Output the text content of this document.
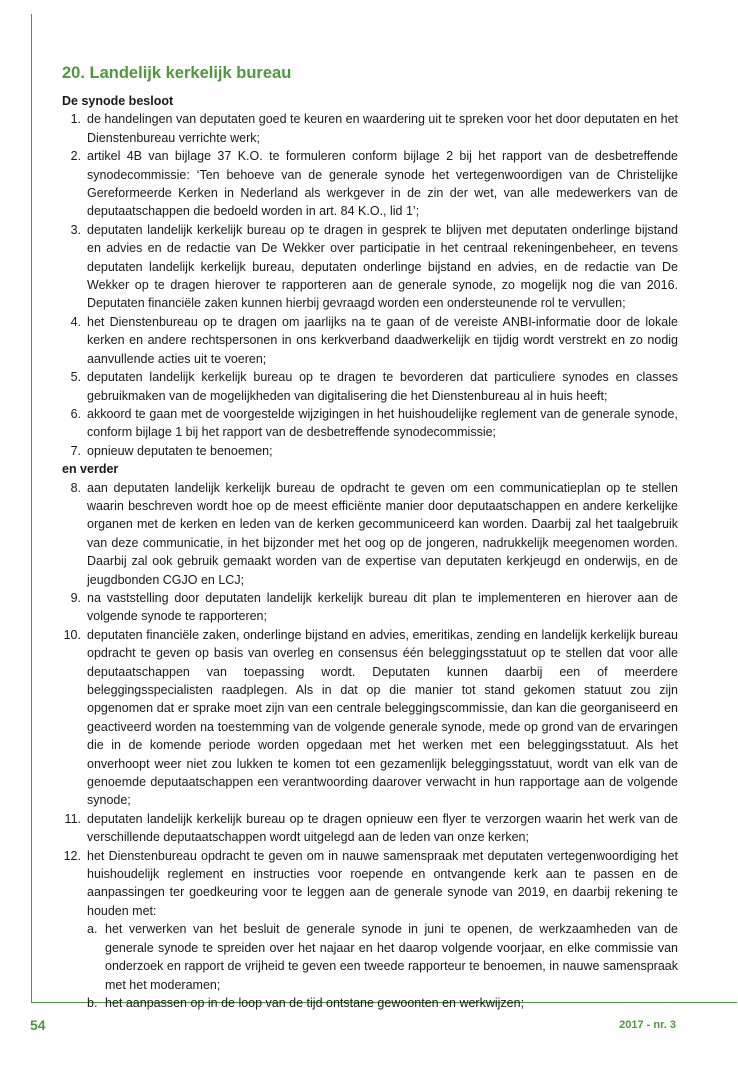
20. Landelijk kerkelijk bureau
De synode besloot
1. de handelingen van deputaten goed te keuren en waardering uit te spreken voor het door deputaten en het Dienstenbureau verrichte werk;
2. artikel 4B van bijlage 37 K.O. te formuleren conform bijlage 2 bij het rapport van de desbetreffende synodecommissie: ‘Ten behoeve van de generale synode het vertegenwoordigen van de Christelijke Gereformeerde Kerken in Nederland als werkgever in de zin der wet, van alle medewerkers van de deputaatschappen die bedoeld worden in art. 84 K.O., lid 1’;
3. deputaten landelijk kerkelijk bureau op te dragen in gesprek te blijven met deputaten onderlinge bijstand en advies en de redactie van De Wekker over participatie in het centraal rekeningenbeheer, en tevens deputaten landelijk kerkelijk bureau, deputaten onderlinge bijstand en advies, en de redactie van De Wekker op te dragen hierover te rapporteren aan de generale synode, zo mogelijk nog die van 2016. Deputaten financiële zaken kunnen hierbij gevraagd worden een ondersteunende rol te vervullen;
4. het Dienstenbureau op te dragen om jaarlijks na te gaan of de vereiste ANBI-informatie door de lokale kerken en andere rechtspersonen in ons kerkverband daadwerkelijk en tijdig wordt verstrekt en zo nodig aanvullende acties uit te voeren;
5. deputaten landelijk kerkelijk bureau op te dragen te bevorderen dat particuliere synodes en classes gebruikmaken van de mogelijkheden van digitalisering die het Dienstenbureau al in huis heeft;
6. akkoord te gaan met de voorgestelde wijzigingen in het huishoudelijke reglement van de generale synode, conform bijlage 1 bij het rapport van de desbetreffende synodecommissie;
7. opnieuw deputaten te benoemen;
en verder
8. aan deputaten landelijk kerkelijk bureau de opdracht te geven om een communicatieplan op te stellen waarin beschreven wordt hoe op de meest efficiënte manier door deputaatschappen en andere kerkelijke organen met de kerken en leden van de kerken gecommuniceerd kan worden. Daarbij zal het taalgebruik van deze communicatie, in het bijzonder met het oog op de jongeren, nadrukkelijk meegenomen worden. Daarbij zal ook gebruik gemaakt worden van de expertise van deputaten kerkjeugd en onderwijs, en de jeugdbonden CGJO en LCJ;
9. na vaststelling door deputaten landelijk kerkelijk bureau dit plan te implementeren en hierover aan de volgende synode te rapporteren;
10. deputaten financiële zaken, onderlinge bijstand en advies, emeritikas, zending en landelijk kerkelijk bureau opdracht te geven op basis van overleg en consensus één beleggingsstatuut op te stellen dat voor alle deputaatschappen van toepassing wordt. Deputaten kunnen daarbij een of meerdere beleggingsspecialisten raadplegen. Als in dat op die manier tot stand gekomen statuut zou zijn opgenomen dat er sprake moet zijn van een centrale beleggingscommissie, dan kan die georganiseerd en geactiveerd worden na toestemming van de volgende generale synode, mede op grond van de ervaringen die in de komende periode worden opgedaan met het werken met een beleggingsstatuut. Als het onverhoopt weer niet zou lukken te komen tot een gezamenlijk beleggingsstatuut, wordt van elk van de genoemde deputaatschappen een verantwoording daarover verwacht in hun rapportage aan de volgende synode;
11. deputaten landelijk kerkelijk bureau op te dragen opnieuw een flyer te verzorgen waarin het werk van de verschillende deputaatschappen wordt uitgelegd aan de leden van onze kerken;
12. het Dienstenbureau opdracht te geven om in nauwe samenspraak met deputaten vertegenwoordiging het huishoudelijk reglement en instructies voor roepende en ontvangende kerk aan te passen en de aanpassingen ter goedkeuring voor te leggen aan de generale synode van 2019, en daarbij rekening te houden met:
a. het verwerken van het besluit de generale synode in juni te openen, de werkzaamheden van de generale synode te spreiden over het najaar en het daarop volgende voorjaar, en elke commissie van onderzoek en rapport de vrijheid te geven een tweede rapporteur te benoemen, in nauwe samenspraak met het moderamen;
b. het aanpassen op in de loop van de tijd ontstane gewoonten en werkwijzen;
54	2017 - nr. 3
